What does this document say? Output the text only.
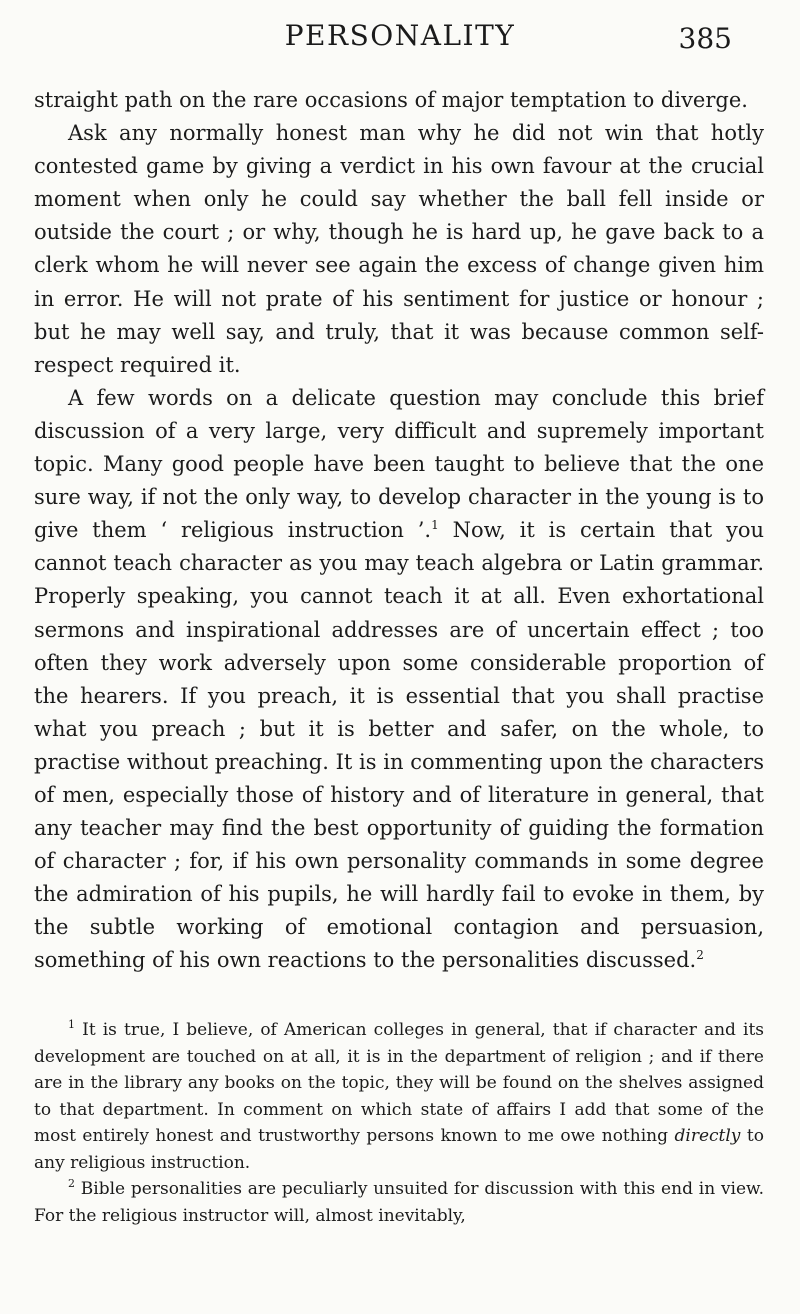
PERSONALITY	385

straight path on the rare occasions of major temptation to diverge.

Ask any normally honest man why he did not win that hotly contested game by giving a verdict in his own favour at the crucial moment when only he could say whether the ball fell inside or outside the court ; or why, though he is hard up, he gave back to a clerk whom he will never see again the excess of change given him in error. He will not prate of his sentiment for justice or honour ; but he may well say, and truly, that it was because common self-respect required it.

A few words on a delicate question may conclude this brief discussion of a very large, very difficult and supremely important topic. Many good people have been taught to believe that the one sure way, if not the only way, to develop character in the young is to give them ‘ religious instruction ’.$^1$ Now, it is certain that you cannot teach character as you may teach algebra or Latin grammar. Properly speaking, you cannot teach it at all. Even exhortational sermons and inspirational addresses are of uncertain effect ; too often they work adversely upon some considerable proportion of the hearers. If you preach, it is essential that you shall practise what you preach ; but it is better and safer, on the whole, to practise without preaching. It is in commenting upon the characters of men, especially those of history and of literature in general, that any teacher may find the best opportunity of guiding the formation of character ; for, if his own personality commands in some degree the admiration of his pupils, he will hardly fail to evoke in them, by the subtle working of emotional contagion and persuasion, something of his own reactions to the personalities discussed.$^2$

$^1$ It is true, I believe, of American colleges in general, that if character and its development are touched on at all, it is in the department of religion ; and if there are in the library any books on the topic, they will be found on the shelves assigned to that department. In comment on which state of affairs I add that some of the most entirely honest and trustworthy persons known to me owe nothing directly to any religious instruction.

$^2$ Bible personalities are peculiarly unsuited for discussion with this end in view. For the religious instructor will, almost inevitably,
